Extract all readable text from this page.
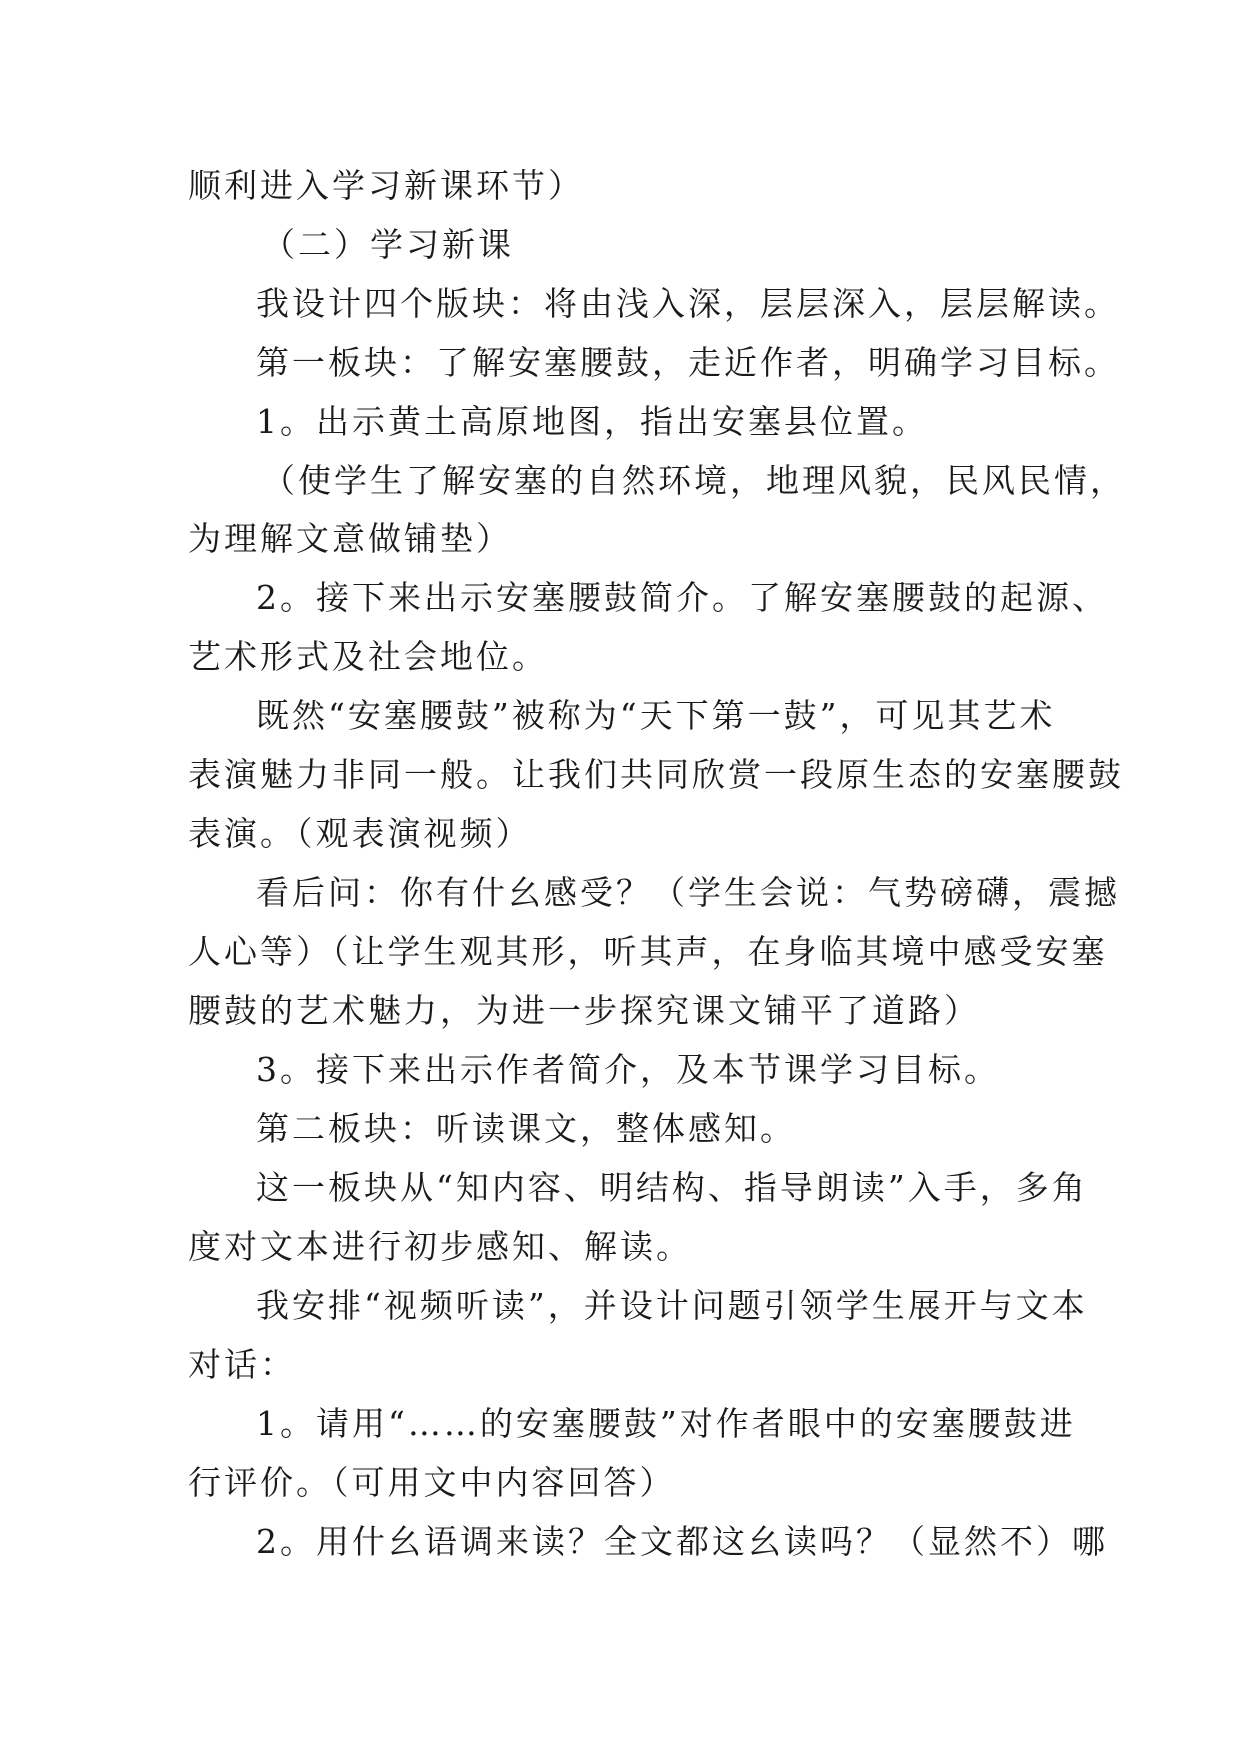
顺利进入学习新课环节）
（二）学习新课
我设计四个版块：将由浅入深，层层深入，层层解读。
第一板块：了解安塞腰鼓，走近作者，明确学习目标。
1。出示黄土高原地图，指出安塞县位置。
（使学生了解安塞的自然环境，地理风貌，民风民情，
为理解文意做铺垫）
2。接下来出示安塞腰鼓简介。了解安塞腰鼓的起源、
艺术形式及社会地位。
既然“安塞腰鼓”被称为“天下第一鼓”，可见其艺术
表演魅力非同一般。让我们共同欣赏一段原生态的安塞腰鼓
表演。（观表演视频）
看后问：你有什幺感受？（学生会说：气势磅礴，震撼
人心等）（让学生观其形，听其声，在身临其境中感受安塞
腰鼓的艺术魅力，为进一步探究课文铺平了道路）
3。接下来出示作者简介，及本节课学习目标。
第二板块：听读课文，整体感知。
这一板块从“知内容、明结构、指导朗读”入手，多角
度对文本进行初步感知、解读。
我安排“视频听读”，并设计问题引领学生展开与文本
对话：
1。请用“……的安塞腰鼓”对作者眼中的安塞腰鼓进
行评价。（可用文中内容回答）
2。用什幺语调来读？全文都这幺读吗？（显然不）哪
